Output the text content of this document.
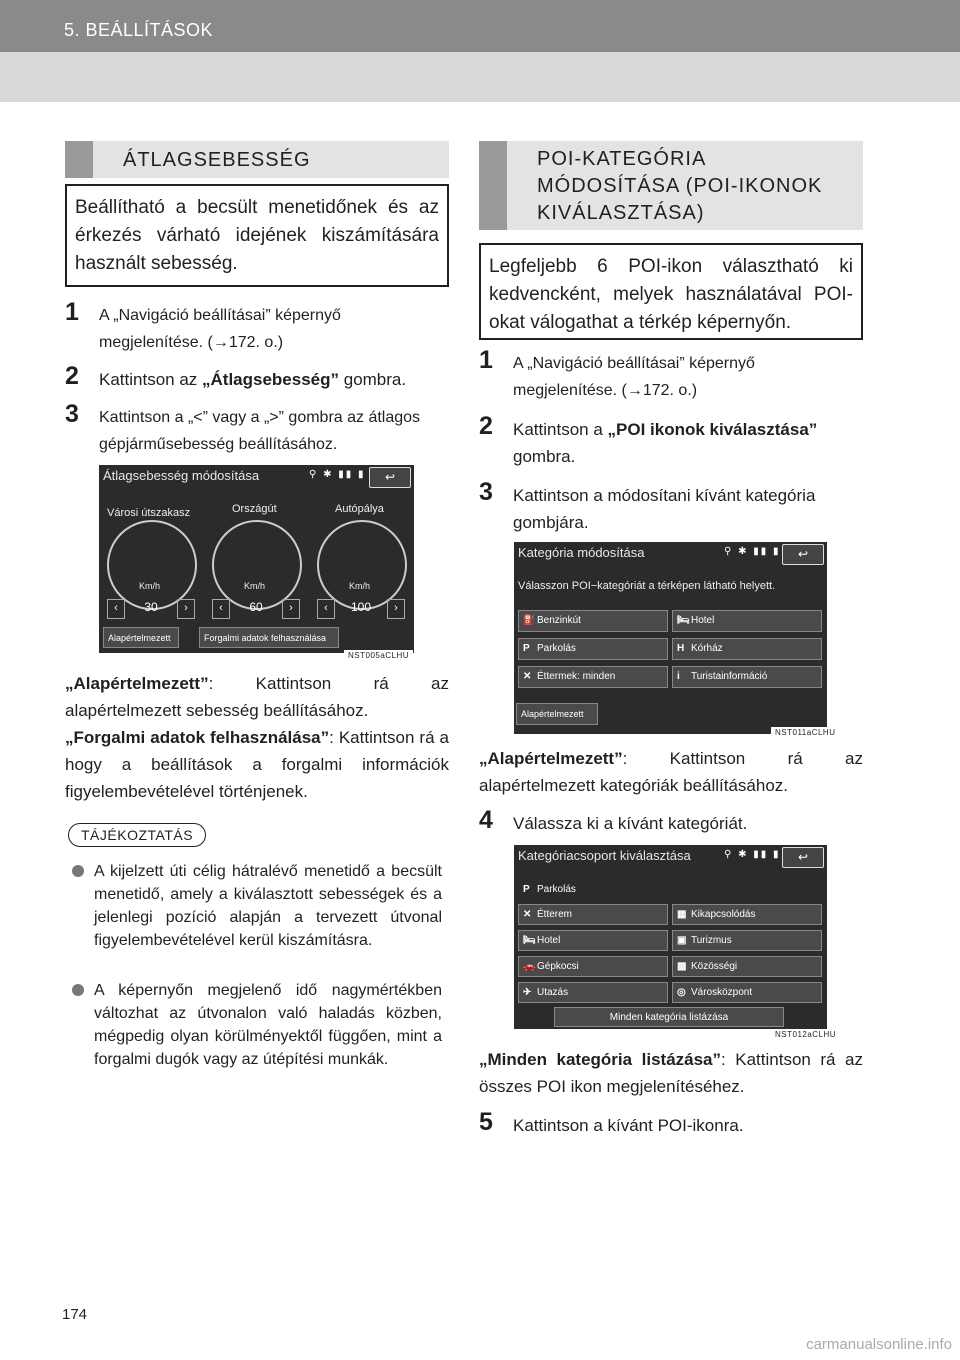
5. BEÁLLÍTÁSOK
ÁTLAGSEBESSÉG
Beállítható a becsült menetidőnek és az érkezés várható idejének kiszámítására használt sebesség.
1 A „Navigáció beállításai” képernyő megjelenítése. (→172. o.)
2 Kattintson az „Átlagsebesség” gombra.
3 Kattintson a „<” vagy a „>” gombra az átlagos gépjárműsebesség beállításához.
Átlagsebesség módosítása	⚲ ✱ ▮▮ ▮	↩
Városi útszakasz	Országút	Autópálya
Km/h	Km/h	Km/h
‹	30	›	‹	60	›	‹	100	›
Alapértelmezett	Forgalmi adatok felhasználása
NST005aCLHU
„Alapértelmezett”: Kattintson rá az alapértelmezett sebesség beállításához.
„Forgalmi adatok felhasználása”: Kattintson rá a hogy a beállítások a forgalmi információk figyelembevételével történjenek.
TÁJÉKOZTATÁS
A kijelzett úti célig hátralévő menetidő a becsült menetidő, amely a kiválasztott sebességek és a jelenlegi pozíció alapján a tervezett útvonal figyelembevételével kerül kiszámításra.
A képernyőn megjelenő idő nagymértékben változhat az útvonalon való haladás közben, mégpedig olyan körülményektől függően, mint a forgalmi dugók vagy az útépítési munkák.
POI-KATEGÓRIA MÓDOSÍTÁSA (POI-IKONOK KIVÁLASZTÁSA)
Legfeljebb 6 POI-ikon választható ki kedvencként, melyek használatával POI-okat válogathat a térkép képernyőn.
1 A „Navigáció beállításai” képernyő megjelenítése. (→172. o.)
2 Kattintson a „POI ikonok kiválasztása” gombra.
3 Kattintson a módosítani kívánt kategória gombjára.
Kategória módosítása	⚲ ✱ ▮▮ ▮	↩
Válasszon POI−kategóriát a térképen látható helyett.
⛽ Benzinkút	🛏Hotel
P Parkolás	H Kórház
✕ Éttermek: minden	i Turistainformáció
Alapértelmezett
NST011aCLHU
„Alapértelmezett”: Kattintson rá az alapértelmezett kategóriák beállításához.
4 Válassza ki a kívánt kategóriát.
Kategóriacsoport kiválasztása	⚲ ✱ ▮▮ ▮	↩
P Parkolás
✕ Étterem	▦ Kikapcsolódás
🛏Hotel	▣ Turizmus
🚗 Gépkocsi	▩ Közösségi
✈ Utazás	◎ Városközpont
Minden kategória listázása
NST012aCLHU
„Minden kategória listázása”: Kattintson rá az összes POI ikon megjelenítéséhez.
5 Kattintson a kívánt POI-ikonra.
174
carmanualsonline.info
